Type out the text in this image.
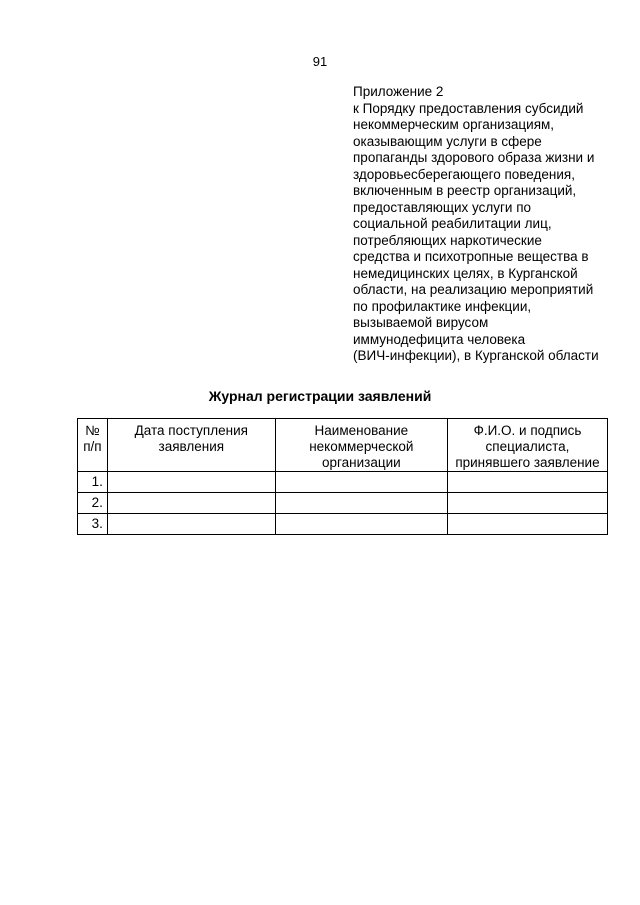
91
Приложение 2
к Порядку предоставления субсидий
некоммерческим организациям,
оказывающим услуги в сфере
пропаганды здорового образа жизни и
здоровьесберегающего поведения,
включенным в реестр организаций,
предоставляющих услуги по
социальной реабилитации лиц,
потребляющих наркотические
средства и психотропные вещества в
немедицинских целях, в Курганской
области, на реализацию мероприятий
по профилактике инфекции,
вызываемой вирусом
иммунодефицита человека
(ВИЧ-инфекции), в Курганской области
Журнал регистрации заявлений
№ п/п	Дата поступления заявления	Наименование некоммерческой организации	Ф.И.О. и подпись специалиста, принявшего заявление
1.			
2.			
3.			
